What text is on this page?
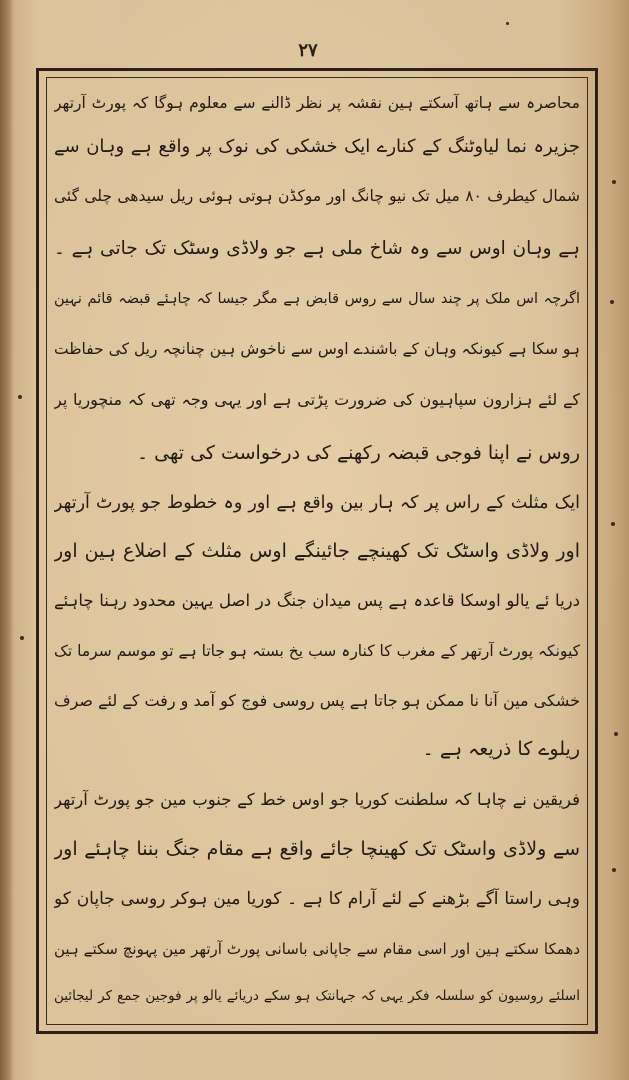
۲۷
محاصرہ سے ہاتھ آسکتے ہین نقشہ پر نظر ڈالنے سے معلوم ہوگا کہ پورٹ آرتھر
جزیرہ نما لیاوٹنگ کے کنارے ایک خشکی کی نوک پر واقع ہے وہان سے
شمال کیطرف ۸۰ میل تک نیو چانگ اور موکڈن ہوتی ہوئی ریل سیدھی چلی گئی
ہے وہان اوس سے وہ شاخ ملی ہے جو ولاڈی وسٹک تک جاتی ہے ۔
اگرچہ اس ملک پر چند سال سے روس قابض ہے مگر جیسا کہ چاہئے قبضہ قائم نہین
ہو سکا ہے کیونکہ وہان کے باشندے اوس سے ناخوش ہین چنانچہ ریل کی حفاظت
کے لئے ہزارون سپاہیون کی ضرورت پڑتی ہے اور یہی وجہ تھی کہ منچوریا پر
روس نے اپنا فوجی قبضہ رکھنے کی درخواست کی تھی ۔
ایک مثلث کے راس پر کہ ہار بین واقع ہے اور وہ خطوط جو پورٹ آرتھر
اور ولاڈی واسٹک تک کھینچے جائینگے اوس مثلث کے اضلاع ہین اور
دریا ئے یالو اوسکا قاعدہ ہے پس میدان جنگ در اصل یہین محدود رہنا چاہئے
کیونکہ پورٹ آرتھر کے مغرب کا کنارہ سب یخ بستہ ہو جاتا ہے تو موسم سرما تک
خشکی مین آنا نا ممکن ہو جاتا ہے پس روسی فوج کو آمد و رفت کے لئے صرف
ریلوے کا ذریعہ ہے ۔
فریقین نے چاہا کہ سلطنت کوریا جو اوس خط کے جنوب مین جو پورٹ آرتھر
سے ولاڈی واسٹک تک کھینچا جائے واقع ہے مقام جنگ بننا چاہئے اور
وہی راستا آگے بڑھنے کے لئے آرام کا ہے ۔ کوریا مین ہوکر روسی جاپان کو
دھمکا سکتے ہین اور اسی مقام سے جاپانی باسانی پورٹ آرتھر مین پہونچ سکتے ہین
اسلئے روسیون کو سلسلہ فکر یہی کہ جہانتک ہو سکے دریائے یالو پر فوجین جمع کر لیجائین
